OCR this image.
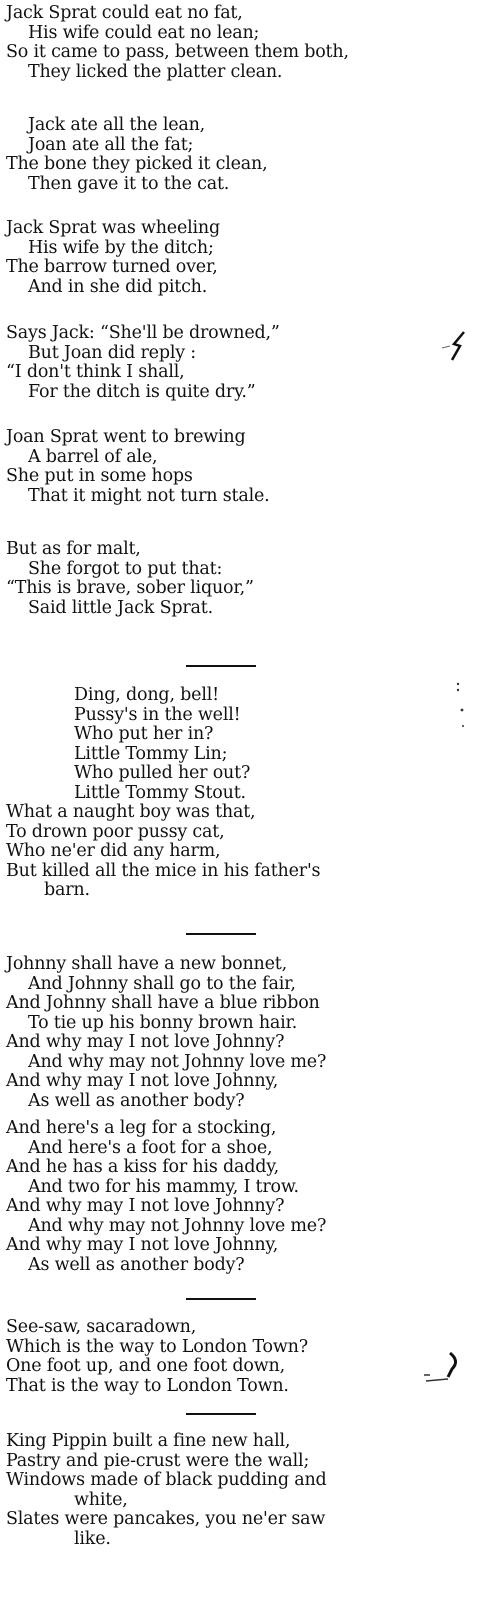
Jack Sprat could eat no fat,
His wife could eat no lean;
So it came to pass, between them both,
They licked the platter clean.
Jack ate all the lean,
Joan ate all the fat;
The bone they picked it clean,
Then gave it to the cat.
Jack Sprat was wheeling
His wife by the ditch;
The barrow turned over,
And in she did pitch.
Says Jack: “She'll be drowned,”
But Joan did reply :
“I don't think I shall,
For the ditch is quite dry.”
Joan Sprat went to brewing
A barrel of ale,
She put in some hops
That it might not turn stale.
But as for malt,
She forgot to put that:
“This is brave, sober liquor,”
Said little Jack Sprat.
Ding, dong, bell!
Pussy's in the well!
Who put her in?
Little Tommy Lin;
Who pulled her out?
Little Tommy Stout.
What a naught boy was that,
To drown poor pussy cat,
Who ne'er did any harm,
But killed all the mice in his father's
barn.
Johnny shall have a new bonnet,
And Johnny shall go to the fair,
And Johnny shall have a blue ribbon
To tie up his bonny brown hair.
And why may I not love Johnny?
And why may not Johnny love me?
And why may I not love Johnny,
As well as another body?
And here's a leg for a stocking,
And here's a foot for a shoe,
And he has a kiss for his daddy,
And two for his mammy, I trow.
And why may I not love Johnny?
And why may not Johnny love me?
And why may I not love Johnny,
As well as another body?
See-saw, sacaradown,
Which is the way to London Town?
One foot up, and one foot down,
That is the way to London Town.
King Pippin built a fine new hall,
Pastry and pie-crust were the wall;
Windows made of black pudding and
white,
Slates were pancakes, you ne'er saw
like.
